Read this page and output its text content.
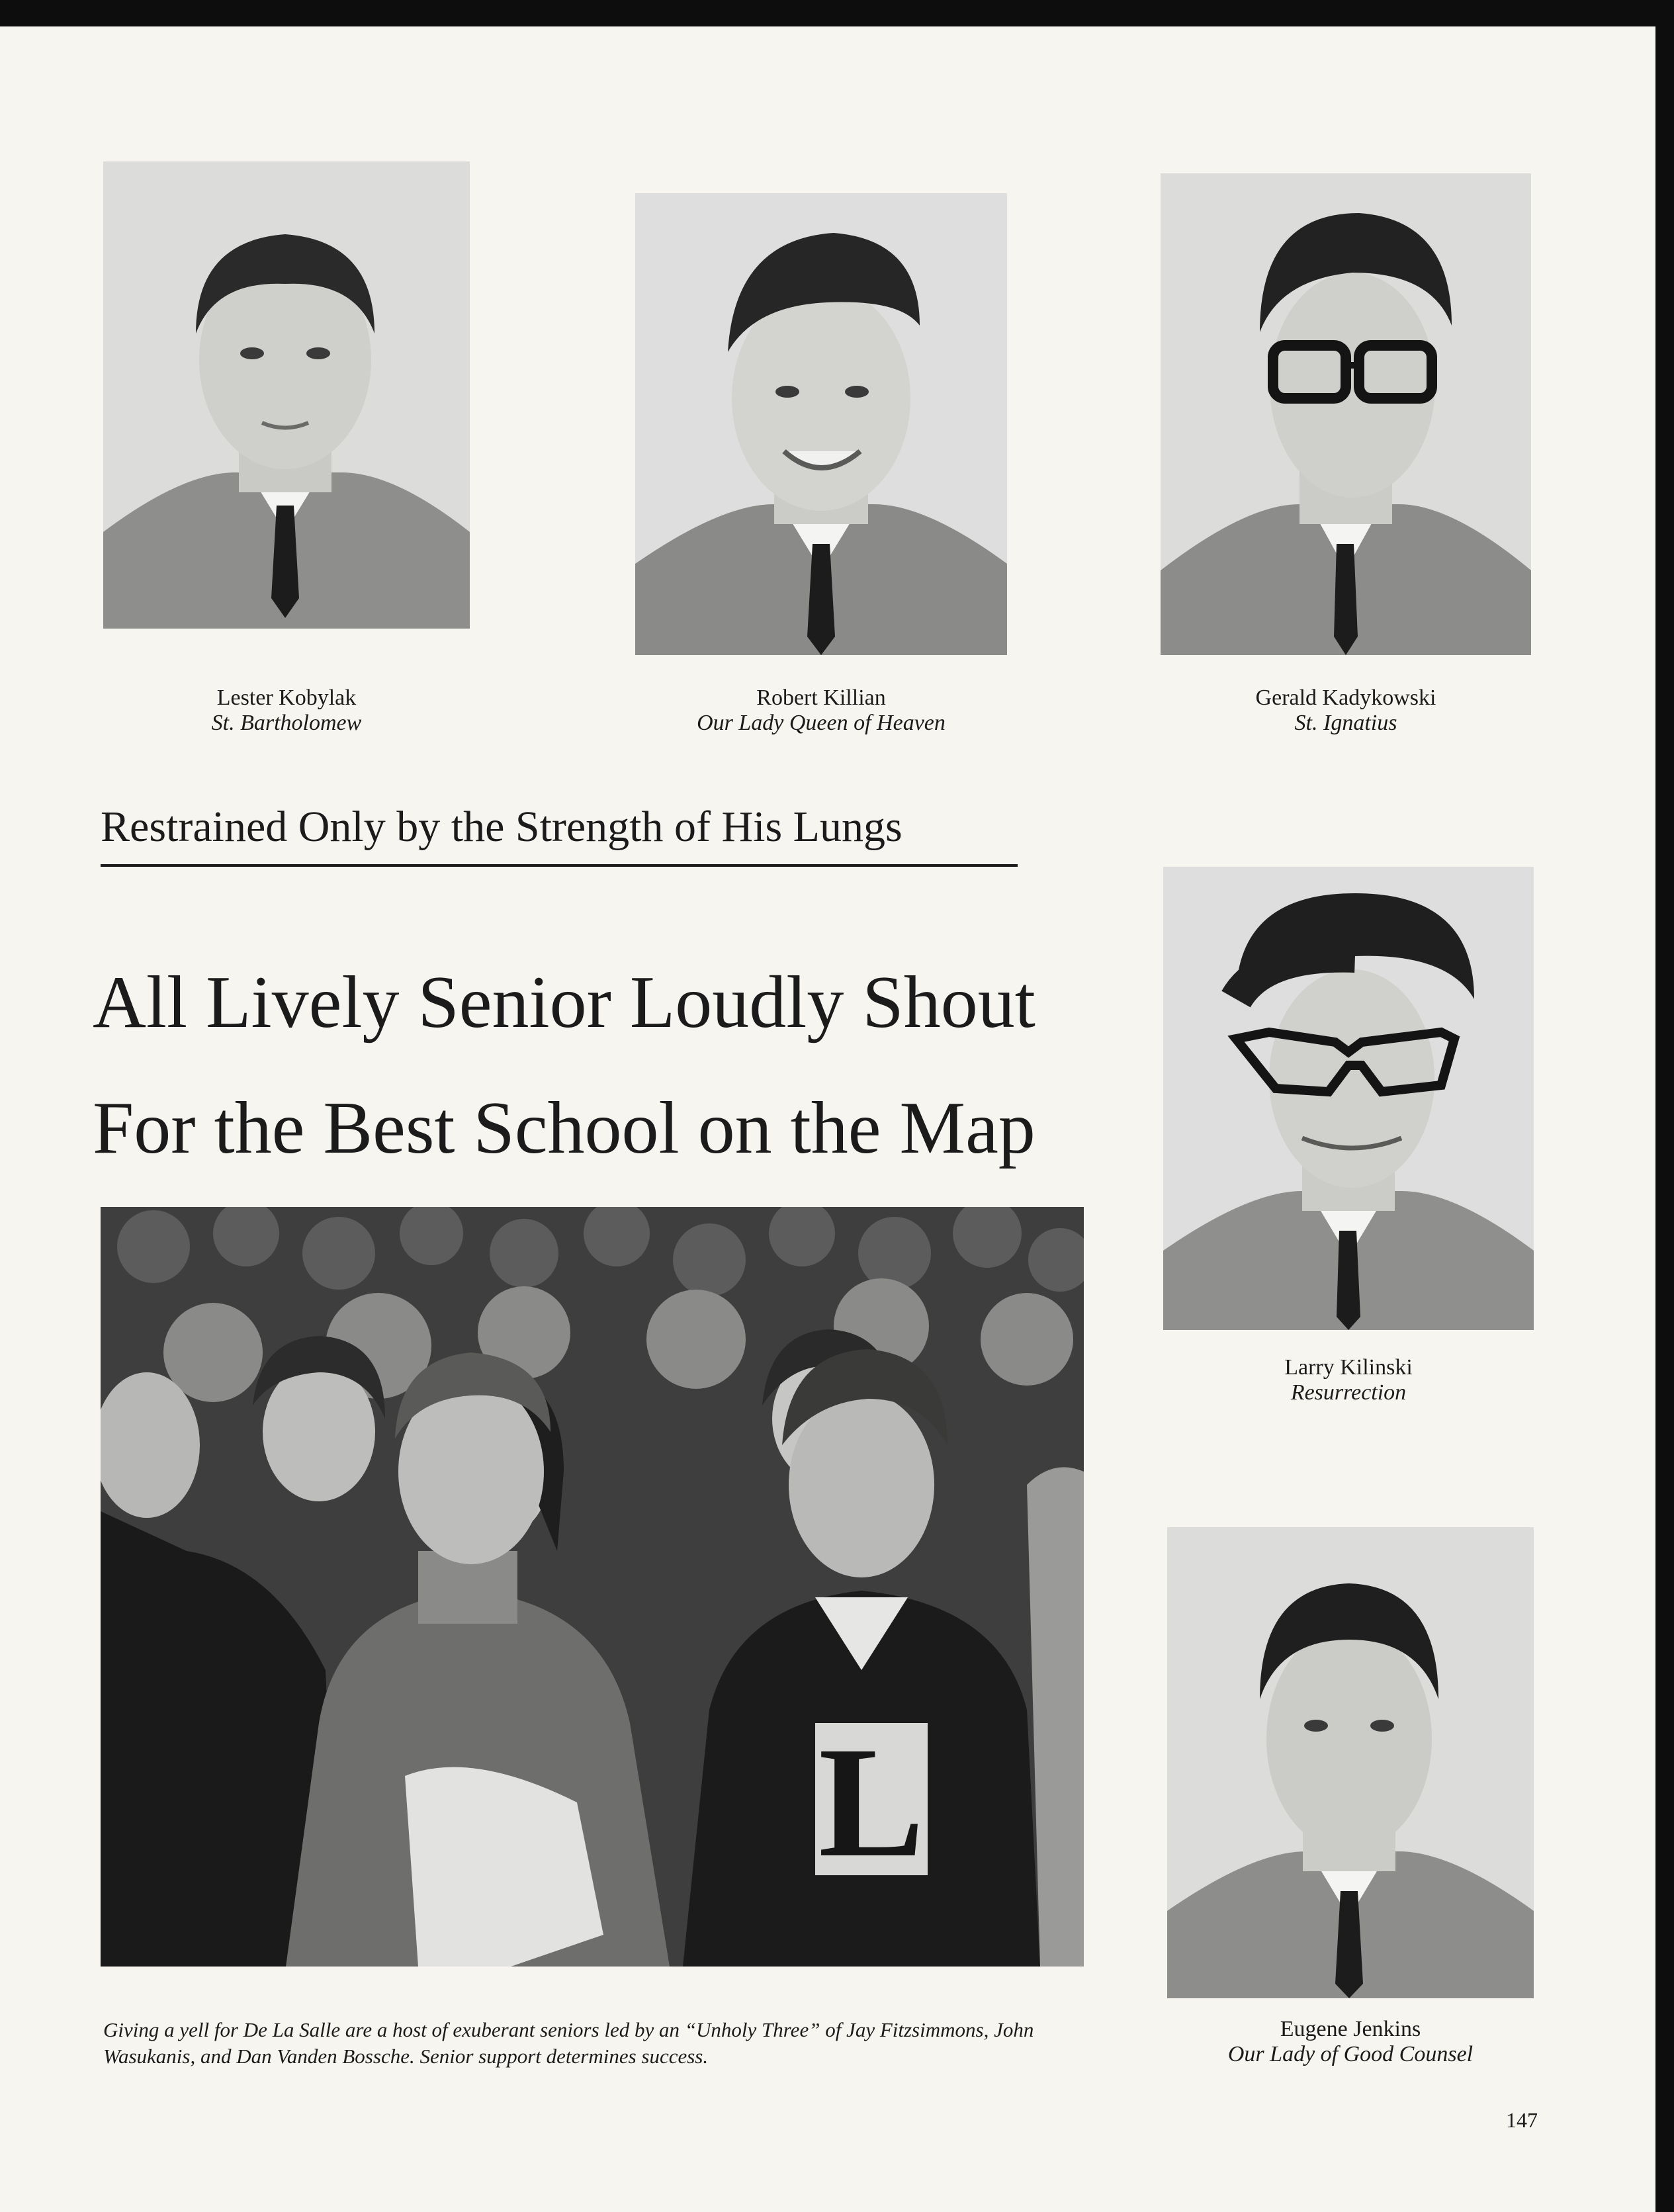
Lester Kobylak
St. Bartholomew
Robert Killian
Our Lady Queen of Heaven
Gerald Kadykowski
St. Ignatius
Restrained Only by the Strength of His Lungs
All Lively Senior Loudly Shout
For the Best School on the Map
Larry Kilinski
Resurrection
L
Giving a yell for De La Salle are a host of exuberant seniors led by an “Unholy Three” of Jay Fitzsimmons, John Wasukanis, and Dan Vanden Bossche. Senior support determines success.
Eugene Jenkins
Our Lady of Good Counsel
147
